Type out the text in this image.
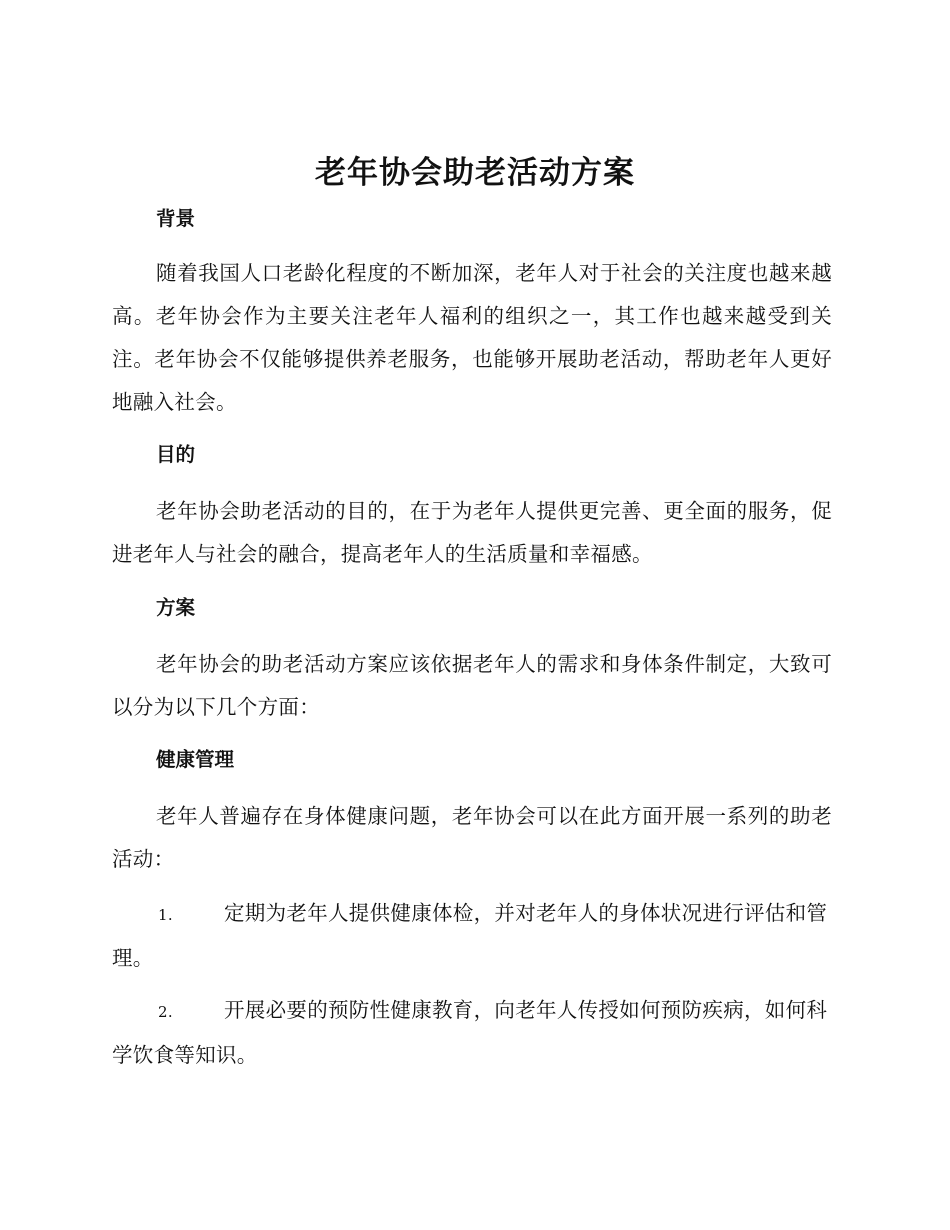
老年协会助老活动方案
背景
随着我国人口老龄化程度的不断加深，老年人对于社会的关注度也越来越高。老年协会作为主要关注老年人福利的组织之一，其工作也越来越受到关注。老年协会不仅能够提供养老服务，也能够开展助老活动，帮助老年人更好地融入社会。
目的
老年协会助老活动的目的，在于为老年人提供更完善、更全面的服务，促进老年人与社会的融合，提高老年人的生活质量和幸福感。
方案
老年协会的助老活动方案应该依据老年人的需求和身体条件制定，大致可以分为以下几个方面：
健康管理
老年人普遍存在身体健康问题，老年协会可以在此方面开展一系列的助老活动：
1. 定期为老年人提供健康体检，并对老年人的身体状况进行评估和管理。
2. 开展必要的预防性健康教育，向老年人传授如何预防疾病，如何科学饮食等知识。
